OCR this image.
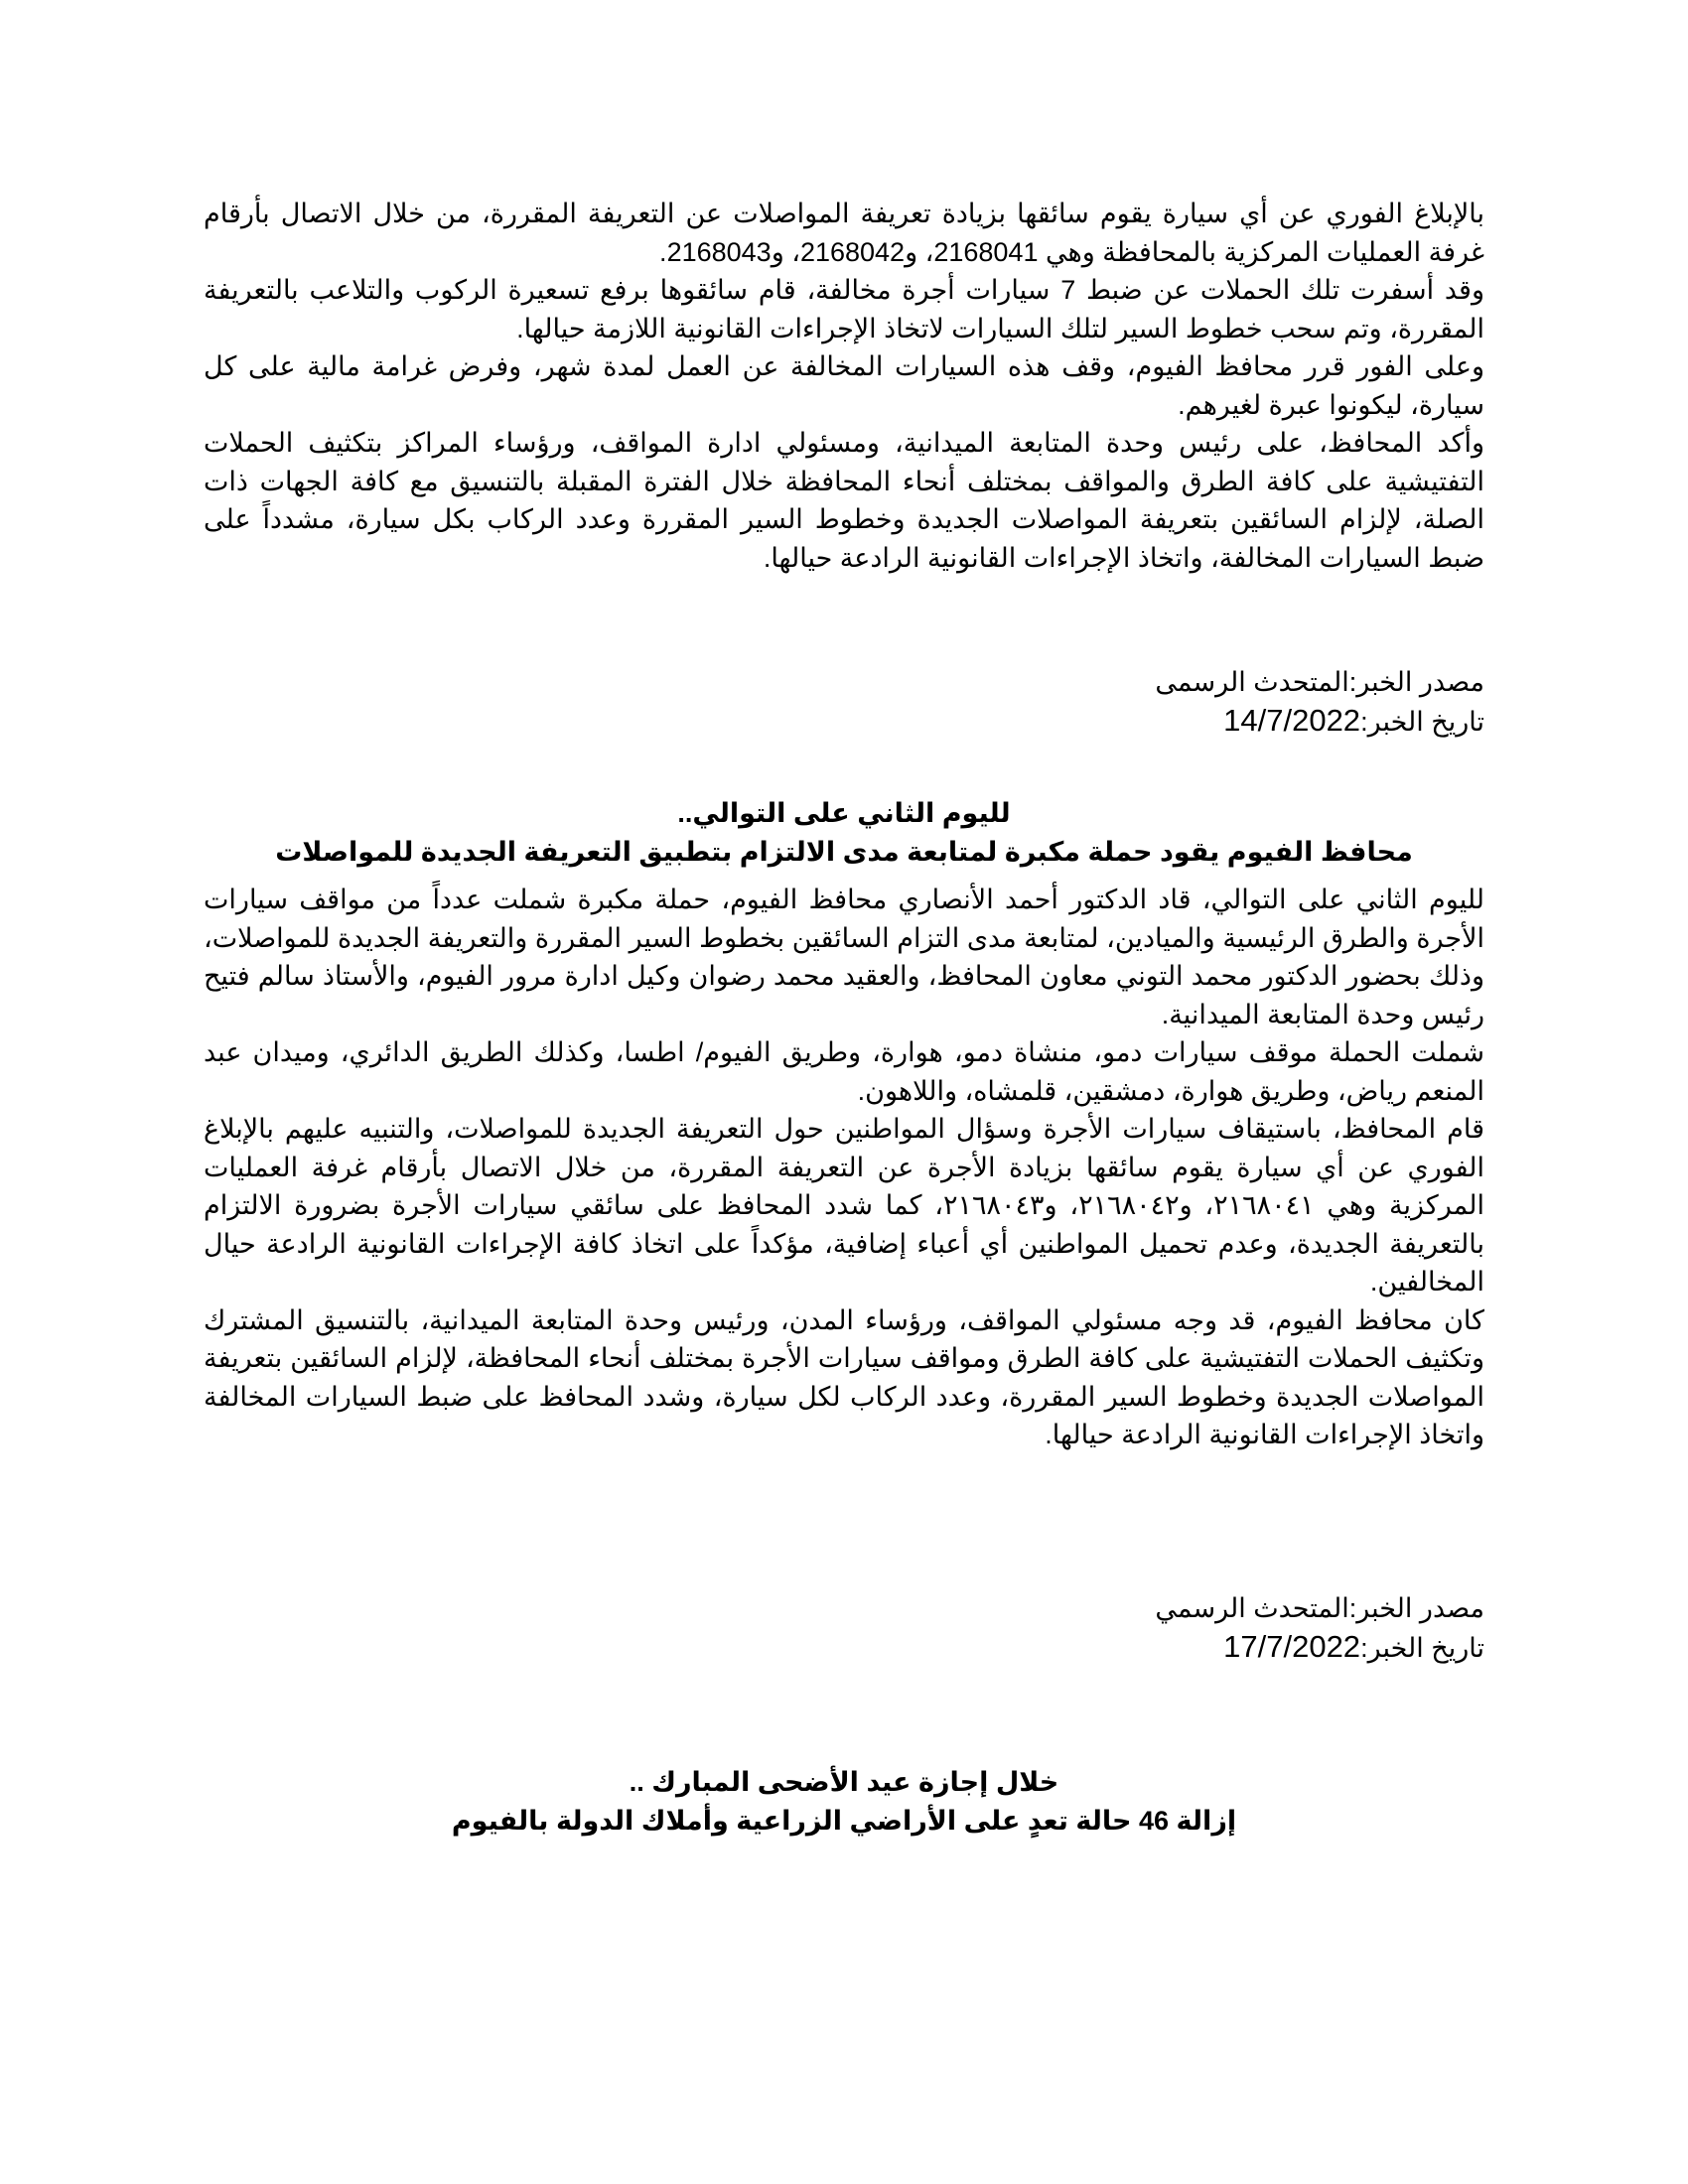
بالإبلاغ الفوري عن أي سيارة يقوم سائقها بزيادة تعريفة المواصلات عن التعريفة المقررة، من خلال الاتصال بأرقام غرفة العمليات المركزية بالمحافظة وهي 2168041، و2168042، و2168043.

وقد أسفرت تلك الحملات عن ضبط 7 سيارات أجرة مخالفة، قام سائقوها برفع تسعيرة الركوب والتلاعب بالتعريفة المقررة، وتم سحب خطوط السير لتلك السيارات لاتخاذ الإجراءات القانونية اللازمة حيالها.

وعلى الفور قرر محافظ الفيوم، وقف هذه السيارات المخالفة عن العمل لمدة شهر، وفرض غرامة مالية على كل سيارة، ليكونوا عبرة لغيرهم.

وأكد المحافظ، على رئيس وحدة المتابعة الميدانية، ومسئولي ادارة المواقف، ورؤساء المراكز بتكثيف الحملات التفتيشية على كافة الطرق والمواقف بمختلف أنحاء المحافظة خلال الفترة المقبلة بالتنسيق مع كافة الجهات ذات الصلة، لإلزام السائقين بتعريفة المواصلات الجديدة وخطوط السير المقررة وعدد الركاب بكل سيارة، مشدداً على ضبط السيارات المخالفة، واتخاذ الإجراءات القانونية الرادعة حيالها.

مصدر الخبر:المتحدث الرسمى
تاريخ الخبر:14/7/2022
لليوم الثاني على التوالي..
محافظ الفيوم يقود حملة مكبرة لمتابعة مدى الالتزام بتطبيق التعريفة الجديدة للمواصلات

لليوم الثاني على التوالي، قاد الدكتور أحمد الأنصاري محافظ الفيوم، حملة مكبرة شملت عدداً من مواقف سيارات الأجرة والطرق الرئيسية والميادين، لمتابعة مدى التزام السائقين بخطوط السير المقررة والتعريفة الجديدة للمواصلات، وذلك بحضور الدكتور محمد التوني معاون المحافظ، والعقيد محمد رضوان وكيل ادارة مرور الفيوم، والأستاذ سالم فتيح رئيس وحدة المتابعة الميدانية.

شملت الحملة موقف سيارات دمو، منشاة دمو، هوارة، وطريق الفيوم/ اطسا، وكذلك الطريق الدائري، وميدان عبد المنعم رياض، وطريق هوارة، دمشقين، قلمشاه، واللاهون.

قام المحافظ، باستيقاف سيارات الأجرة وسؤال المواطنين حول التعريفة الجديدة للمواصلات، والتنبيه عليهم بالإبلاغ الفوري عن أي سيارة يقوم سائقها بزيادة الأجرة عن التعريفة المقررة، من خلال الاتصال بأرقام غرفة العمليات المركزية وهي ٢١٦٨٠٤١، و٢١٦٨٠٤٢، و٢١٦٨٠٤٣، كما شدد المحافظ على سائقي سيارات الأجرة بضرورة الالتزام بالتعريفة الجديدة، وعدم تحميل المواطنين أي أعباء إضافية، مؤكداً على اتخاذ كافة الإجراءات القانونية الرادعة حيال المخالفين.

كان محافظ الفيوم، قد وجه مسئولي المواقف، ورؤساء المدن، ورئيس وحدة المتابعة الميدانية، بالتنسيق المشترك وتكثيف الحملات التفتيشية على كافة الطرق ومواقف سيارات الأجرة بمختلف أنحاء المحافظة، لإلزام السائقين بتعريفة المواصلات الجديدة وخطوط السير المقررة، وعدد الركاب لكل سيارة، وشدد المحافظ على ضبط السيارات المخالفة واتخاذ الإجراءات القانونية الرادعة حيالها.

مصدر الخبر:المتحدث الرسمي
تاريخ الخبر:17/7/2022
خلال إجازة عيد الأضحى المبارك ..
إزالة 46 حالة تعدٍ على الأراضي الزراعية وأملاك الدولة بالفيوم
